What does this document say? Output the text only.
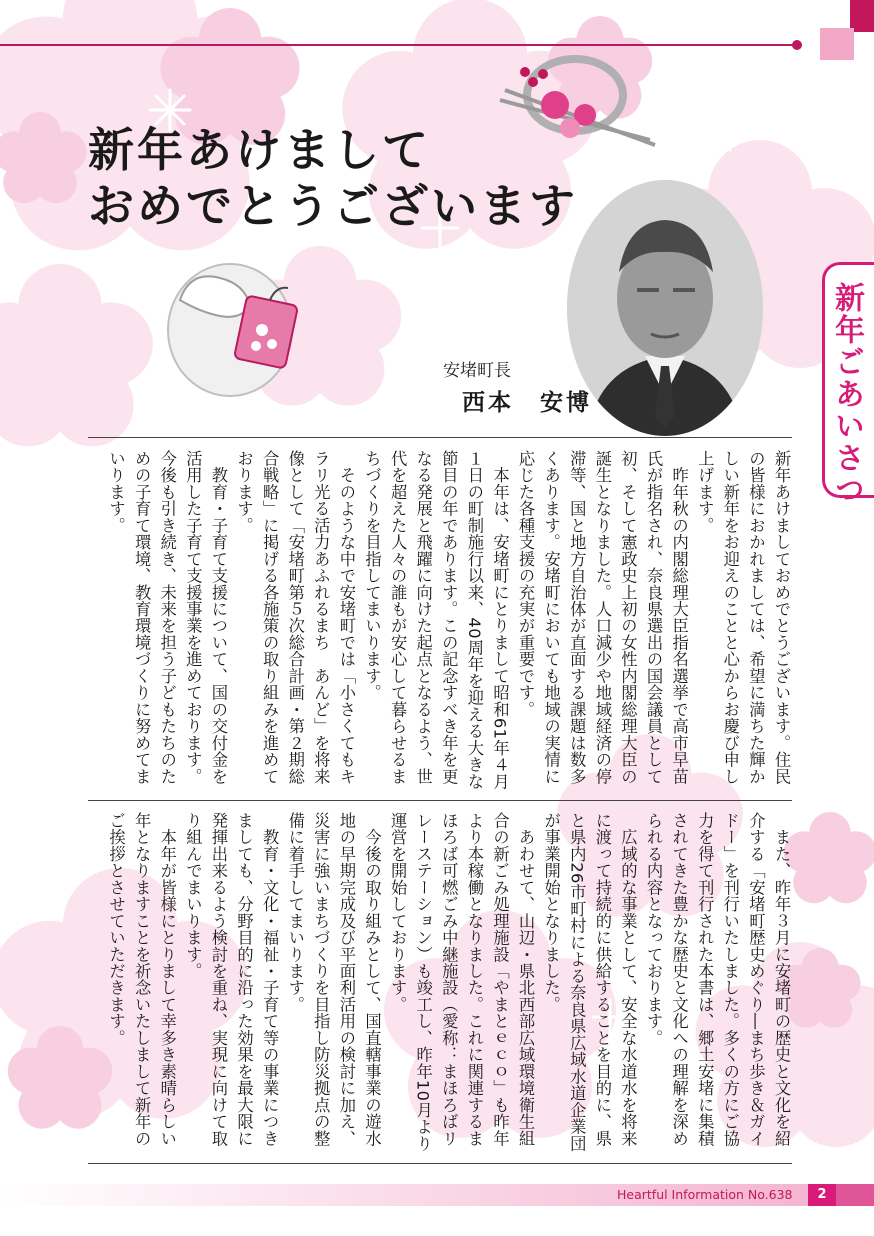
新年あけまして
おめでとうございます
新年ごあいさつ
安堵町長
西本　安博

新年あけましておめでとうございます。住民の皆様におかれましては、希望に満ちた輝かしい新年をお迎えのことと心からお慶び申し上げます。

　昨年秋の内閣総理大臣指名選挙で高市早苗氏が指名され、奈良県選出の国会議員として初、そして憲政史上初の女性内閣総理大臣の誕生となりました。人口減少や地域経済の停滞等、国と地方自治体が直面する課題は数多くあります。安堵町においても地域の実情に応じた各種支援の充実が重要です。

　本年は、安堵町にとりまして昭和61年４月１日の町制施行以来、40周年を迎える大きな節目の年であります。この記念すべき年を更なる発展と飛躍に向けた起点となるよう、世代を超えた人々の誰もが安心して暮らせるまちづくりを目指してまいります。

　そのような中で安堵町では「小さくてもキラリ光る活力あふれるまち　あんど」を将来像として「安堵町第５次総合計画・第２期総合戦略」に掲げる各施策の取り組みを進めております。

　教育・子育て支援について、国の交付金を活用した子育て支援事業を進めております。今後も引き続き、未来を担う子どもたちのための子育て環境、教育環境づくりに努めてまいります。

　また、昨年３月に安堵町の歴史と文化を紹介する「安堵町歴史めぐり―まち歩き＆ガイドー」を刊行いたしました。多くの方にご協力を得て刊行された本書は、郷土安堵に集積されてきた豊かな歴史と文化への理解を深められる内容となっております。

　広域的な事業として、安全な水道水を将来に渡って持続的に供給することを目的に、県と県内26市町村による奈良県広域水道企業団が事業開始となりました。

　あわせて、山辺・県北西部広域環境衛生組合の新ごみ処理施設「やまとｅｃｏ」も昨年より本稼働となりました。これに関連するまほろば可燃ごみ中継施設（愛称：まほろばリレーステーション）も竣工し、昨年10月より運営を開始しております。

　今後の取り組みとして、国直轄事業の遊水地の早期完成及び平面利活用の検討に加え、災害に強いまちづくりを目指し防災拠点の整備に着手してまいります。

　教育・文化・福祉・子育て等の事業につきましても、分野目的に沿った効果を最大限に発揮出来るよう検討を重ね、実現に向けて取り組んでまいります。

　本年が皆様にとりまして幸多き素晴らしい年となりますことを祈念いたしまして新年のご挨拶とさせていただきます。

Heartful Information No.638	2
